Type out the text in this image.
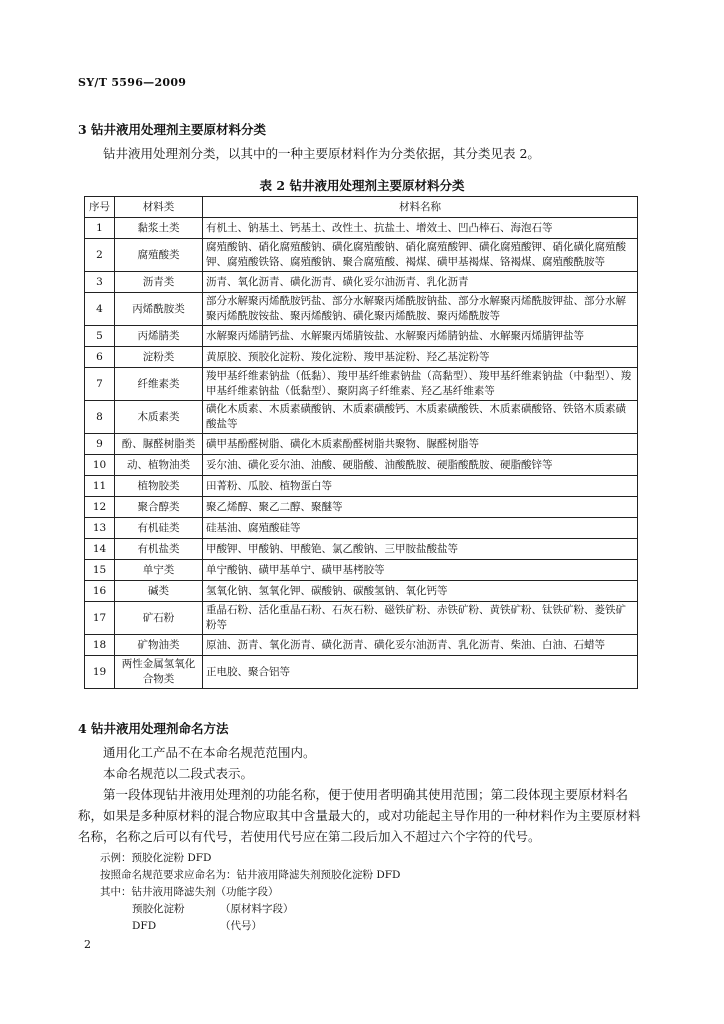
SY/T 5596—2009
3 钻井液用处理剂主要原材料分类
钻井液用处理剂分类，以其中的一种主要原材料作为分类依据，其分类见表 2。
表 2 钻井液用处理剂主要原材料分类
序号	材料类	材料名称
1	黏浆土类	有机土、钠基土、钙基土、改性土、抗盐土、增效土、凹凸棒石、海泡石等
2	腐殖酸类	腐殖酸钠、硝化腐殖酸钠、磺化腐殖酸钠、硝化腐殖酸钾、磺化腐殖酸钾、硝化磺化腐殖酸钾、腐殖酸铁铬、腐殖酸钠、聚合腐殖酸、褐煤、磺甲基褐煤、铬褐煤、腐殖酸酰胺等
3	沥青类	沥青、氧化沥青、磺化沥青、磺化妥尔油沥青、乳化沥青
4	丙烯酰胺类	部分水解聚丙烯酰胺钙盐、部分水解聚丙烯酰胺钠盐、部分水解聚丙烯酰胺钾盐、部分水解聚丙烯酰胺铵盐、聚丙烯酸钠、磺化聚丙烯酰胺、聚丙烯酰胺等
5	丙烯腈类	水解聚丙烯腈钙盐、水解聚丙烯腈铵盐、水解聚丙烯腈钠盐、水解聚丙烯腈钾盐等
6	淀粉类	黄原胶、预胶化淀粉、羧化淀粉、羧甲基淀粉、羟乙基淀粉等
7	纤维素类	羧甲基纤维素钠盐（低黏）、羧甲基纤维素钠盐（高黏型）、羧甲基纤维素钠盐（中黏型）、羧甲基纤维素钠盐（低黏型）、聚阴离子纤维素、羟乙基纤维素等
8	木质素类	磺化木质素、木质素磺酸钠、木质素磺酸钙、木质素磺酸铁、木质素磺酸铬、铁铬木质素磺酸盐等
9	酚、脲醛树脂类	磺甲基酚醛树脂、磺化木质素酚醛树脂共聚物、脲醛树脂等
10	动、植物油类	妥尔油、磺化妥尔油、油酸、硬脂酸、油酸酰胺、硬脂酸酰胺、硬脂酸锌等
11	植物胶类	田菁粉、瓜胶、植物蛋白等
12	聚合醇类	聚乙烯醇、聚乙二醇、聚醚等
13	有机硅类	硅基油、腐殖酸硅等
14	有机盐类	甲酸钾、甲酸钠、甲酸铯、氯乙酸钠、三甲胺盐酸盐等
15	单宁类	单宁酸钠、磺甲基单宁、磺甲基栲胶等
16	碱类	氢氧化钠、氢氧化钾、碳酸钠、碳酸氢钠、氧化钙等
17	矿石粉	重晶石粉、活化重晶石粉、石灰石粉、磁铁矿粉、赤铁矿粉、黄铁矿粉、钛铁矿粉、菱铁矿粉等
18	矿物油类	原油、沥青、氧化沥青、磺化沥青、磺化妥尔油沥青、乳化沥青、柴油、白油、石蜡等
19	两性金属氢氧化合物类	正电胶、聚合铝等
4 钻井液用处理剂命名方法
通用化工产品不在本命名规范范围内。
本命名规范以二段式表示。
第一段体现钻井液用处理剂的功能名称，便于使用者明确其使用范围；第二段体现主要原材料名称，如果是多种原材料的混合物应取其中含量最大的，或对功能起主导作用的一种材料作为主要原材料名称，名称之后可以有代号，若使用代号应在第二段后加入不超过六个字符的代号。
示例：预胶化淀粉 DFD
按照命名规范要求应命名为：钻井液用降滤失剂预胶化淀粉 DFD
其中：钻井液用降滤失剂（功能字段）
预胶化淀粉	（原材料字段）
DFD	（代号）
2
